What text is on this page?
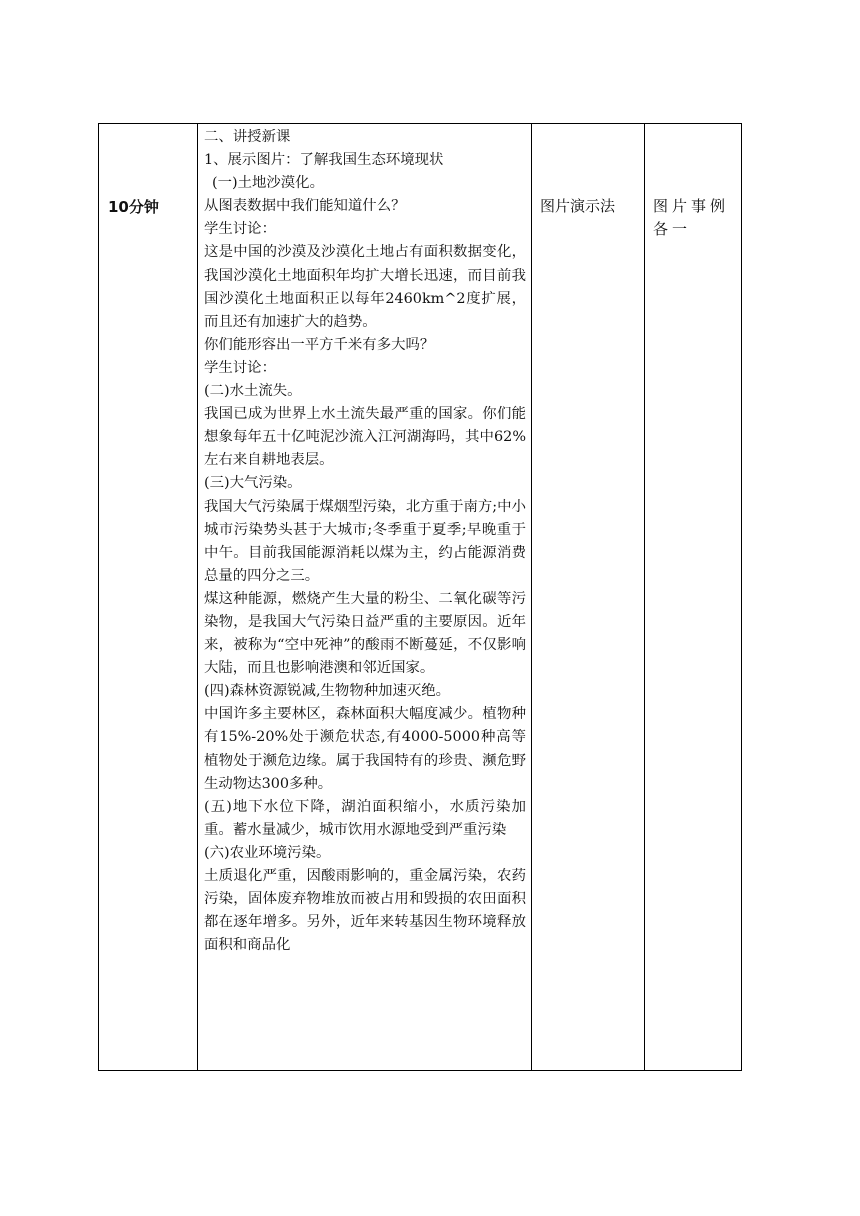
10分钟

二、讲授新课

1、展示图片：了解我国生态环境现状

(一)土地沙漠化。

从图表数据中我们能知道什么？

学生讨论：

这是中国的沙漠及沙漠化土地占有面积数据变化，我国沙漠化土地面积年均扩大增长迅速，而目前我国沙漠化土地面积正以每年2460km^2度扩展，而且还有加速扩大的趋势。

你们能形容出一平方千米有多大吗？

学生讨论：

(二)水土流失。

我国已成为世界上水土流失最严重的国家。你们能想象每年五十亿吨泥沙流入江河湖海吗，其中62%左右来自耕地表层。

(三)大气污染。

我国大气污染属于煤烟型污染，北方重于南方;中小城市污染势头甚于大城市;冬季重于夏季;早晚重于中午。目前我国能源消耗以煤为主，约占能源消费总量的四分之三。

煤这种能源，燃烧产生大量的粉尘、二氧化碳等污染物，是我国大气污染日益严重的主要原因。近年来，被称为“空中死神”的酸雨不断蔓延，不仅影响大陆，而且也影响港澳和邻近国家。

(四)森林资源锐减,生物物种加速灭绝。

中国许多主要林区，森林面积大幅度减少。植物种有15%-20%处于濒危状态,有4000-5000种高等植物处于濒危边缘。属于我国特有的珍贵、濒危野生动物达300多种。

(五)地下水位下降，湖泊面积缩小，水质污染加重。蓄水量减少，城市饮用水源地受到严重污染

(六)农业环境污染。

土质退化严重，因酸雨影响的，重金属污染，农药污染，固体废弃物堆放而被占用和毁损的农田面积都在逐年增多。另外，近年来转基因生物环境释放面积和商品化

图片演示法	图片事例各一
